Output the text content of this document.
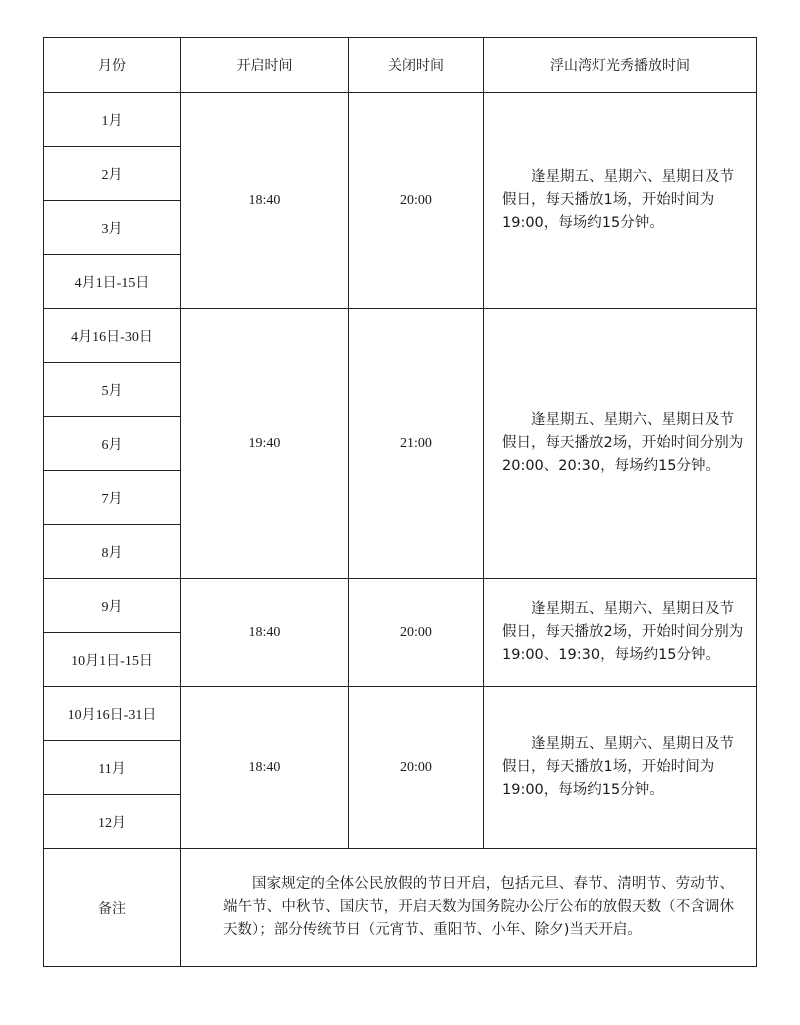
月份	开启时间	关闭时间	浮山湾灯光秀播放时间
1月	18:40	20:00	逢星期五、星期六、星期日及节假日，每天播放1场，开始时间为19:00，每场约15分钟。

2月			
3月			
4月1日-15日			
4月16日-30日	19:40	21:00	逢星期五、星期六、星期日及节假日，每天播放2场，开始时间分别为20:00、20:30，每场约15分钟。

5月			
6月			
7月			
8月			
9月	18:40	20:00	逢星期五、星期六、星期日及节假日，每天播放2场，开始时间分别为19:00、19:30，每场约15分钟。

10月1日-15日			
10月16日-31日	18:40	20:00	逢星期五、星期六、星期日及节假日，每天播放1场，开始时间为19:00，每场约15分钟。

11月			
12月			
备注	国家规定的全体公民放假的节日开启，包括元旦、春节、清明节、劳动节、端午节、中秋节、国庆节，开启天数为国务院办公厅公布的放假天数（不含调休天数）；部分传统节日（元宵节、重阳节、小年、除夕)当天开启。		
